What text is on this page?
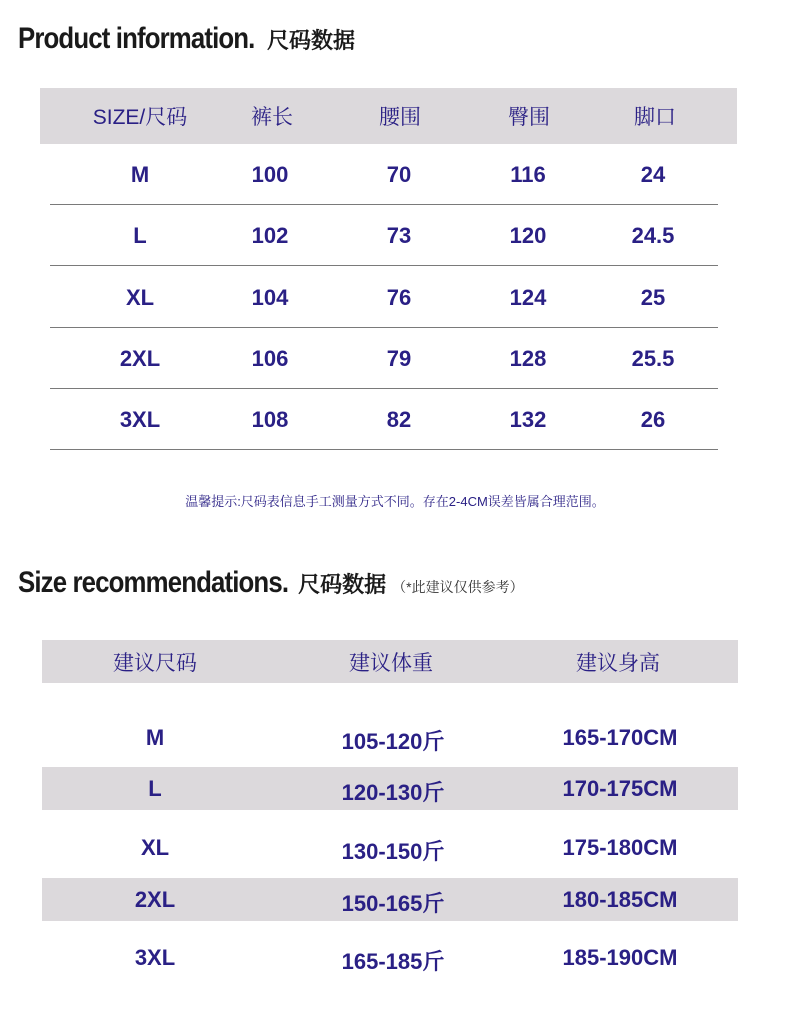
Product information. 尺码数据
SIZE/尺码	裤长	腰围	臀围	脚口
M	100	70	116	24
L	102	73	120	24.5
XL	104	76	124	25
2XL	106	79	128	25.5
3XL	108	82	132	26
温馨提示:尺码表信息手工测量方式不同。存在2-4CM误差皆属合理范围。
Size recommendations. 尺码数据 （*此建议仅供参考）
建议尺码	建议体重	建议身高
M	105-120斤	165-170CM
L	120-130斤	170-175CM
XL	130-150斤	175-180CM
2XL	150-165斤	180-185CM
3XL	165-185斤	185-190CM
